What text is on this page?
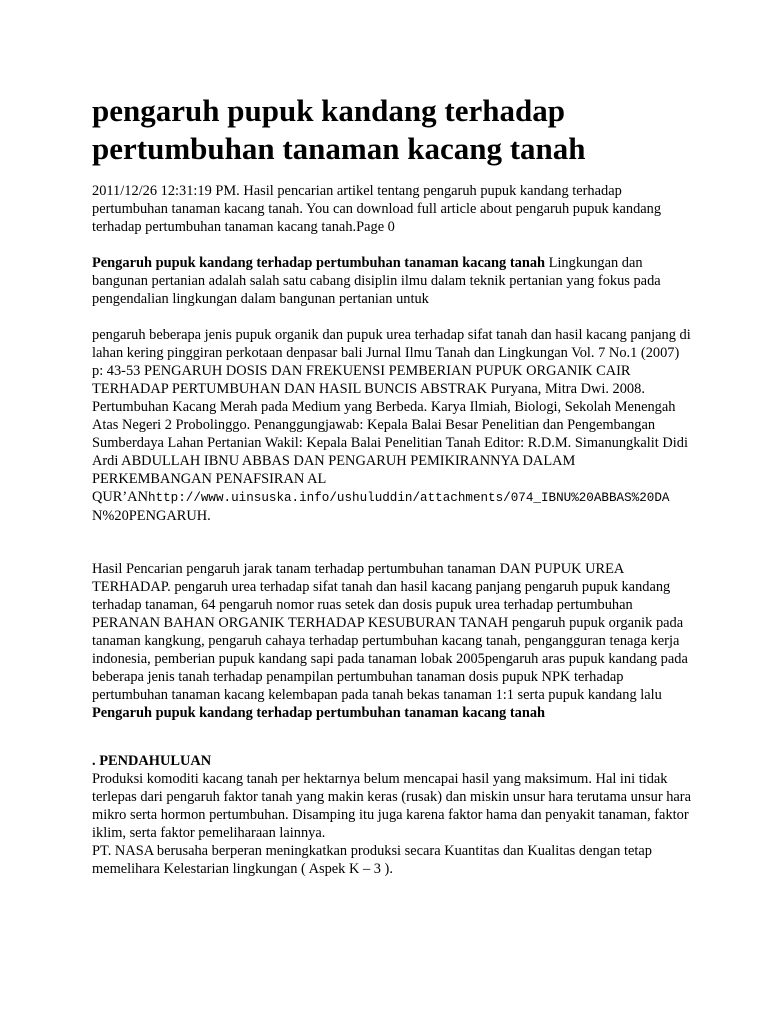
pengaruh pupuk kandang terhadap pertumbuhan tanaman kacang tanah

2011/12/26 12:31:19 PM. Hasil pencarian artikel tentang pengaruh pupuk kandang terhadap pertumbuhan tanaman kacang tanah. You can download full article about pengaruh pupuk kandang terhadap pertumbuhan tanaman kacang tanah.Page 0

Pengaruh pupuk kandang terhadap pertumbuhan tanaman kacang tanah Lingkungan dan bangunan pertanian adalah salah satu cabang disiplin ilmu dalam teknik pertanian yang fokus pada pengendalian lingkungan dalam bangunan pertanian untuk

pengaruh beberapa jenis pupuk organik dan pupuk urea terhadap sifat tanah dan hasil kacang panjang di lahan kering pinggiran perkotaan denpasar bali Jurnal Ilmu Tanah dan Lingkungan Vol. 7 No.1 (2007) p: 43-53 PENGARUH DOSIS DAN FREKUENSI PEMBERIAN PUPUK ORGANIK CAIR TERHADAP PERTUMBUHAN DAN HASIL BUNCIS ABSTRAK Puryana, Mitra Dwi. 2008. Pertumbuhan Kacang Merah pada Medium yang Berbeda. Karya Ilmiah, Biologi, Sekolah Menengah Atas Negeri 2 Probolinggo. Penanggungjawab: Kepala Balai Besar Penelitian dan Pengembangan Sumberdaya Lahan Pertanian Wakil: Kepala Balai Penelitian Tanah Editor: R.D.M. Simanungkalit Didi Ardi ABDULLAH IBNU ABBAS DAN PENGARUH PEMIKIRANNYA DALAM PERKEMBANGAN PENAFSIRAN AL QUR’ANhttp://www.uinsuska.info/ushuluddin/attachments/074_IBNU%20ABBAS%20DA
N%20PENGARUH.

Hasil Pencarian pengaruh jarak tanam terhadap pertumbuhan tanaman DAN PUPUK UREA TERHADAP. pengaruh urea terhadap sifat tanah dan hasil kacang panjang pengaruh pupuk kandang terhadap tanaman, 64 pengaruh nomor ruas setek dan dosis pupuk urea terhadap pertumbuhan PERANAN BAHAN ORGANIK TERHADAP KESUBURAN TANAH pengaruh pupuk organik pada tanaman kangkung, pengaruh cahaya terhadap pertumbuhan kacang tanah, pengangguran tenaga kerja indonesia, pemberian pupuk kandang sapi pada tanaman lobak 2005pengaruh aras pupuk kandang pada beberapa jenis tanah terhadap penampilan pertumbuhan tanaman dosis pupuk NPK terhadap pertumbuhan tanaman kacang kelembapan pada tanah bekas tanaman 1:1 serta pupuk kandang lalu Pengaruh pupuk kandang terhadap pertumbuhan tanaman kacang tanah

. PENDAHULUAN
Produksi komoditi kacang tanah per hektarnya belum mencapai hasil yang maksimum. Hal ini tidak terlepas dari pengaruh faktor tanah yang makin keras (rusak) dan miskin unsur hara terutama unsur hara mikro serta hormon pertumbuhan. Disamping itu juga karena faktor hama dan penyakit tanaman, faktor iklim, serta faktor pemeliharaan lainnya.
PT. NASA berusaha berperan meningkatkan produksi secara Kuantitas dan Kualitas dengan tetap memelihara Kelestarian lingkungan ( Aspek K – 3 ).
